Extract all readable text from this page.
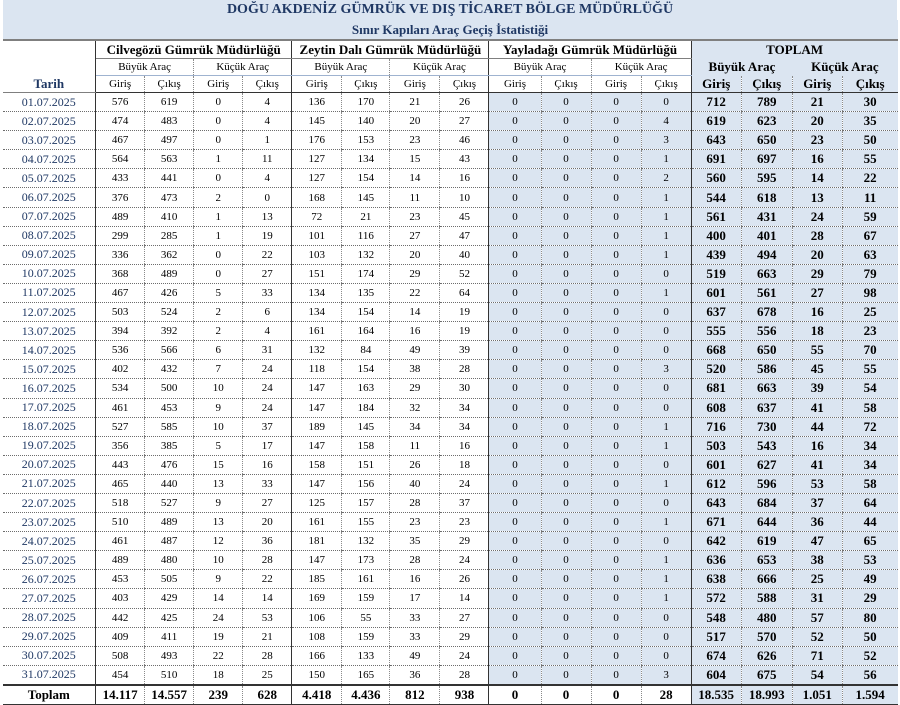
DOĞU AKDENİZ GÜMRÜK VE DIŞ TİCARET BÖLGE MÜDÜRLÜĞÜ																
Sınır Kapıları Araç Geçiş İstatistiği																
Tarih	Cilvegözü Gümrük Müdürlüğü				Zeytin Dalı Gümrük Müdürlüğü				Yayladağı Gümrük Müdürlüğü				TOPLAM			
	Büyük Araç		Küçük Araç		Büyük Araç		Küçük Araç		Büyük Araç		Küçük Araç		Büyük Araç		Küçük Araç	
	Giriş	Çıkış	Giriş	Çıkış	Giriş	Çıkış	Giriş	Çıkış	Giriş	Çıkış	Giriş	Çıkış	Giriş	Çıkış	Giriş	Çıkış
01.07.2025	576	619	0	4	136	170	21	26	0	0	0	0	712	789	21	30
02.07.2025	474	483	0	4	145	140	20	27	0	0	0	4	619	623	20	35
03.07.2025	467	497	0	1	176	153	23	46	0	0	0	3	643	650	23	50
04.07.2025	564	563	1	11	127	134	15	43	0	0	0	1	691	697	16	55
05.07.2025	433	441	0	4	127	154	14	16	0	0	0	2	560	595	14	22
06.07.2025	376	473	2	0	168	145	11	10	0	0	0	1	544	618	13	11
07.07.2025	489	410	1	13	72	21	23	45	0	0	0	1	561	431	24	59
08.07.2025	299	285	1	19	101	116	27	47	0	0	0	1	400	401	28	67
09.07.2025	336	362	0	22	103	132	20	40	0	0	0	1	439	494	20	63
10.07.2025	368	489	0	27	151	174	29	52	0	0	0	0	519	663	29	79
11.07.2025	467	426	5	33	134	135	22	64	0	0	0	1	601	561	27	98
12.07.2025	503	524	2	6	134	154	14	19	0	0	0	0	637	678	16	25
13.07.2025	394	392	2	4	161	164	16	19	0	0	0	0	555	556	18	23
14.07.2025	536	566	6	31	132	84	49	39	0	0	0	0	668	650	55	70
15.07.2025	402	432	7	24	118	154	38	28	0	0	0	3	520	586	45	55
16.07.2025	534	500	10	24	147	163	29	30	0	0	0	0	681	663	39	54
17.07.2025	461	453	9	24	147	184	32	34	0	0	0	0	608	637	41	58
18.07.2025	527	585	10	37	189	145	34	34	0	0	0	1	716	730	44	72
19.07.2025	356	385	5	17	147	158	11	16	0	0	0	1	503	543	16	34
20.07.2025	443	476	15	16	158	151	26	18	0	0	0	0	601	627	41	34
21.07.2025	465	440	13	33	147	156	40	24	0	0	0	1	612	596	53	58
22.07.2025	518	527	9	27	125	157	28	37	0	0	0	0	643	684	37	64
23.07.2025	510	489	13	20	161	155	23	23	0	0	0	1	671	644	36	44
24.07.2025	461	487	12	36	181	132	35	29	0	0	0	0	642	619	47	65
25.07.2025	489	480	10	28	147	173	28	24	0	0	0	1	636	653	38	53
26.07.2025	453	505	9	22	185	161	16	26	0	0	0	1	638	666	25	49
27.07.2025	403	429	14	14	169	159	17	14	0	0	0	1	572	588	31	29
28.07.2025	442	425	24	53	106	55	33	27	0	0	0	0	548	480	57	80
29.07.2025	409	411	19	21	108	159	33	29	0	0	0	0	517	570	52	50
30.07.2025	508	493	22	28	166	133	49	24	0	0	0	0	674	626	71	52
31.07.2025	454	510	18	25	150	165	36	28	0	0	0	3	604	675	54	56
Toplam	14.117	14.557	239	628	4.418	4.436	812	938	0	0	0	28	18.535	18.993	1.051	1.594
